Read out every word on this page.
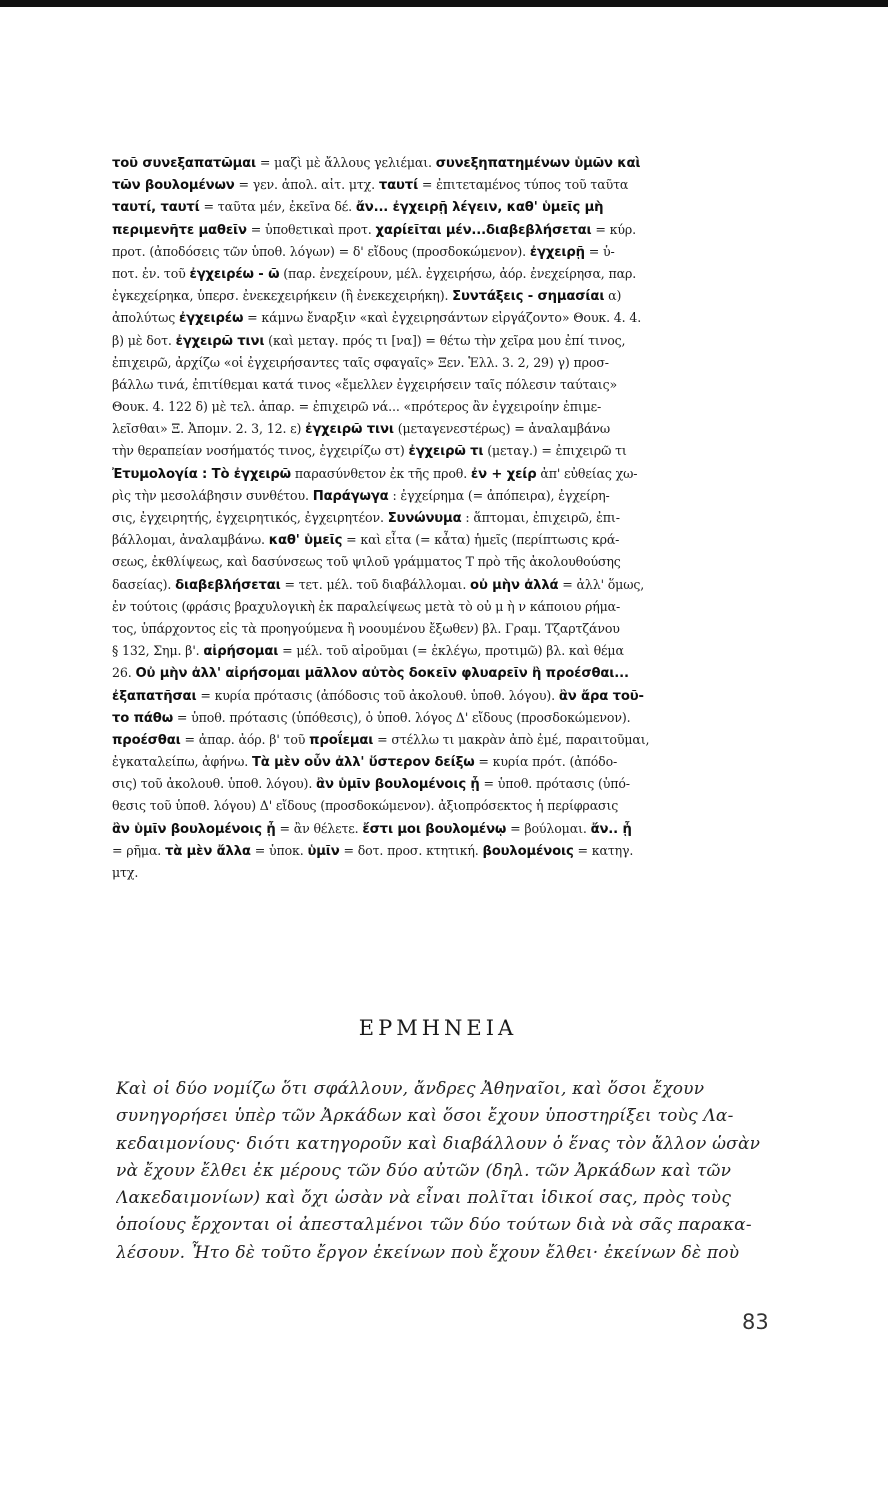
τοῦ συνεξαπατῶμαι = μαζὶ μὲ ἄλλους γελιέμαι. συνεξηπατημένων ὑμῶν καὶ
τῶν βουλομένων = γεν. ἀπολ. αἰτ. μτχ. ταυτί = ἐπιτεταμένος τύπος τοῦ ταῦτα
ταυτί, ταυτί = ταῦτα μέν, ἐκεῖνα δέ. ἄν... ἐγχειρῇ λέγειν, καθ' ὑμεῖς μὴ
περιμενῆτε μαθεῖν = ὑποθετικαὶ προτ. χαρίεῖται μέν...διαβεβλήσεται = κύρ.
προτ. (ἀποδόσεις τῶν ὑποθ. λόγων) = δ' εἴδους (προσδοκώμενον). ἐγχειρῇ = ὑ-
ποτ. ἐν. τοῦ ἐγχειρέω - ῶ (παρ. ἐνεχείρουν, μέλ. ἐγχειρήσω, ἀόρ. ἐνεχείρησα, παρ.
ἐγκεχείρηκα, ὑπερσ. ἐνεκεχειρήκειν (ἢ ἐνεκεχειρήκη). Συντάξεις - σημασίαι α)
ἀπολύτως ἐγχειρέω = κάμνω ἔναρξιν «καὶ ἐγχειρησάντων εἰργάζοντο» Θουκ. 4. 4.
β) μὲ δοτ. ἐγχειρῶ τινι (καὶ μεταγ. πρός τι [να]) = θέτω τὴν χεῖρα μου ἐπί τινος,
ἐπιχειρῶ, ἀρχίζω «οἱ ἐγχειρήσαντες ταῖς σφαγαῖς» Ξεν. Ἑλλ. 3. 2, 29) γ) προσ-
βάλλω τινά, ἐπιτίθεμαι κατά τινος «ἔμελλεν ἐγχειρήσειν ταῖς πόλεσιν ταύταις»
Θουκ. 4. 122 δ) μὲ τελ. ἀπαρ. = ἐπιχειρῶ νά... «πρότερος ἂν ἐγχειροίην ἐπιμε-
λεῖσθαι» Ξ. Ἀπομν. 2. 3, 12. ε) ἐγχειρῶ τινι (μεταγενεστέρως) = ἀναλαμβάνω
τὴν θεραπείαν νοσήματός τινος, ἐγχειρίζω στ) ἐγχειρῶ τι (μεταγ.) = ἐπιχειρῶ τι
Ἐτυμολογία : Τὸ ἐγχειρῶ παρασύνθετον ἐκ τῆς προθ. ἐν + χείρ ἀπ' εὐθείας χω-
ρὶς τὴν μεσολάβησιν συνθέτου. Παράγωγα : ἐγχείρημα (= ἀπόπειρα), ἐγχείρη-
σις, ἐγχειρητής, ἐγχειρητικός, ἐγχειρητέον. Συνώνυμα : ἅπτομαι, ἐπιχειρῶ, ἐπι-
βάλλομαι, ἀναλαμβάνω. καθ' ὑμεῖς = καὶ εἶτα (= κἆτα) ἡμεῖς (περίπτωσις κρά-
σεως, ἐκθλίψεως, καὶ δασύνσεως τοῦ ψιλοῦ γράμματος Τ πρὸ τῆς ἀκολουθούσης
δασείας). διαβεβλήσεται = τετ. μέλ. τοῦ διαβάλλομαι. οὐ μὴν ἀλλά = ἀλλ' ὅμως,
ἐν τούτοις (φράσις βραχυλογικὴ ἐκ παραλείψεως μετὰ τὸ οὐ μ ὴ ν κάποιου ρήμα-
τος, ὑπάρχοντος εἰς τὰ προηγούμενα ἢ νοουμένου ἔξωθεν) βλ. Γραμ. Τζαρτζάνου
§ 132, Σημ. β'. αἰρήσομαι = μέλ. τοῦ αἱροῦμαι (= ἐκλέγω, προτιμῶ) βλ. καὶ θέμα
26. Οὐ μὴν ἀλλ' αἰρήσομαι μᾶλλον αὐτὸς δοκεῖν φλυαρεῖν ἢ προέσθαι...
ἐξαπατῆσαι = κυρία πρότασις (ἀπόδοσις τοῦ ἀκολουθ. ὑποθ. λόγου). ἂν ἄρα τοῦ-
το πάθω = ὑποθ. πρότασις (ὑπόθεσις), ὁ ὑποθ. λόγος Δ' εἴδους (προσδοκώμενον).
προέσθαι = ἀπαρ. ἀόρ. β' τοῦ προΐεμαι = στέλλω τι μακρὰν ἀπὸ ἐμέ, παραιτοῦμαι,
ἐγκαταλείπω, ἀφήνω. Τὰ μὲν οὖν ἀλλ' ὕστερον δείξω = κυρία πρότ. (ἀπόδο-
σις) τοῦ ἀκολουθ. ὑποθ. λόγου). ἂν ὑμῖν βουλομένοις ᾖ = ὑποθ. πρότασις (ὑπό-
θεσις τοῦ ὑποθ. λόγου) Δ' εἴδους (προσδοκώμενον). ἀξιοπρόσεκτος ἡ περίφρασις
ἂν ὑμῖν βουλομένοις ᾖ = ἂν θέλετε. ἔστι μοι βουλομένῳ = βούλομαι. ἄν.. ᾖ
= ρῆμα. τὰ μὲν ἄλλα = ὑποκ. ὑμῖν = δοτ. προσ. κτητική. βουλομένοις = κατηγ.
μτχ.
ΕΡΜΗΝΕΙΑ
Καὶ οἱ δύο νομίζω ὅτι σφάλλουν, ἄνδρες Ἀθηναῖοι, καὶ ὅσοι ἔχουν
συνηγορήσει ὑπὲρ τῶν Ἀρκάδων καὶ ὅσοι ἔχουν ὑποστηρίξει τοὺς Λα-
κεδαιμονίους· διότι κατηγοροῦν καὶ διαβάλλουν ὁ ἕνας τὸν ἄλλον ὡσὰν
νὰ ἔχουν ἔλθει ἐκ μέρους τῶν δύο αὐτῶν (δηλ. τῶν Ἀρκάδων καὶ τῶν
Λακεδαιμονίων) καὶ ὄχι ὡσὰν νὰ εἶναι πολῖται ἰδικοί σας, πρὸς τοὺς
ὁποίους ἔρχονται οἱ ἀπεσταλμένοι τῶν δύο τούτων διὰ νὰ σᾶς παρακα-
λέσουν. Ἦτο δὲ τοῦτο ἔργον ἐκείνων ποὺ ἔχουν ἔλθει· ἐκείνων δὲ ποὺ
83
